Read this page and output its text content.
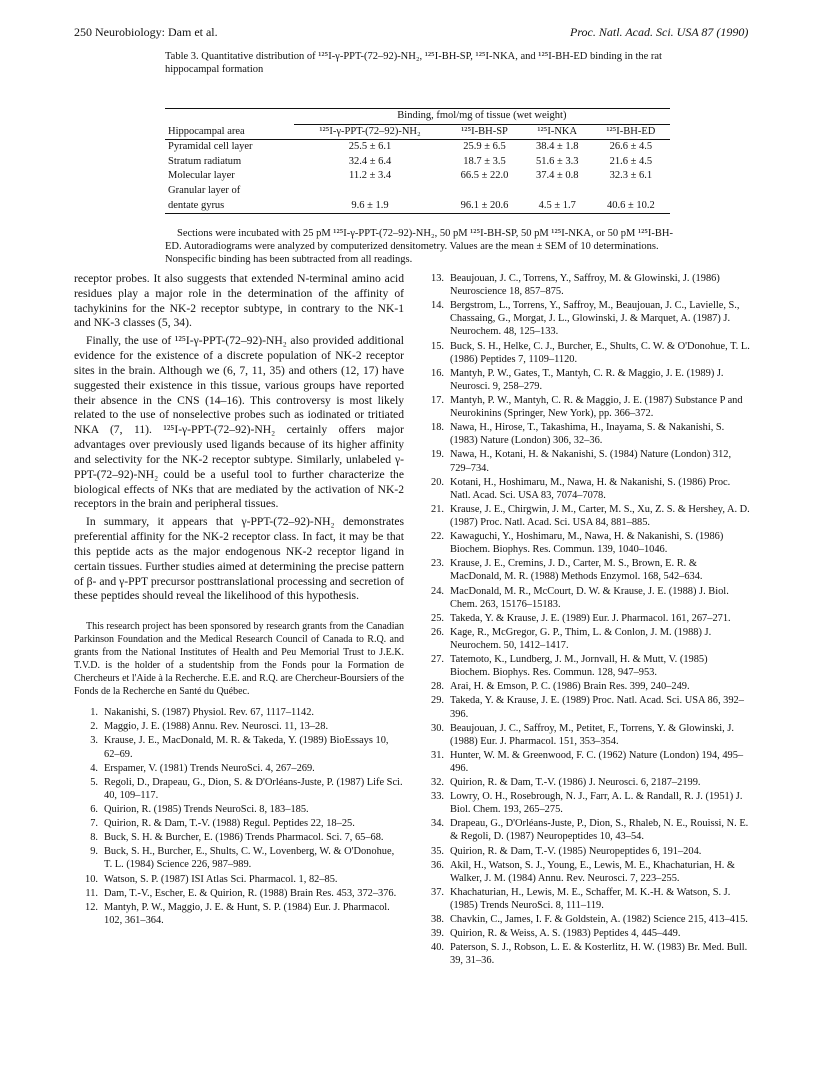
250 Neurobiology: Dam et al.	Proc. Natl. Acad. Sci. USA 87 (1990)
Table 3. Quantitative distribution of ¹²⁵I-γ-PPT-(72–92)-NH₂, ¹²⁵I-BH-SP, ¹²⁵I-NKA, and ¹²⁵I-BH-ED binding in the rat hippocampal formation
Hippocampal area	Binding, fmol/mg of tissue (wet weight)			
	¹²⁵I-γ-PPT-(72–92)-NH₂	¹²⁵I-BH-SP	¹²⁵I-NKA	¹²⁵I-BH-ED
Pyramidal cell layer	25.5 ± 6.1	25.9 ± 6.5	38.4 ± 1.8	26.6 ± 4.5
Stratum radiatum	32.4 ± 6.4	18.7 ± 3.5	51.6 ± 3.3	21.6 ± 4.5
Molecular layer	11.2 ± 3.4	66.5 ± 22.0	37.4 ± 0.8	32.3 ± 6.1
Granular layer of				
dentate gyrus	9.6 ± 1.9	96.1 ± 20.6	4.5 ± 1.7	40.6 ± 10.2
Sections were incubated with 25 pM ¹²⁵I-γ-PPT-(72–92)-NH₂, 50 pM ¹²⁵I-BH-SP, 50 pM ¹²⁵I-NKA, or 50 pM ¹²⁵I-BH-ED. Autoradiograms were analyzed by computerized densitometry. Values are the mean ± SEM of 10 determinations. Nonspecific binding has been subtracted from all readings.

receptor probes. It also suggests that extended N-terminal amino acid residues play a major role in the determination of the affinity of tachykinins for the NK-2 receptor subtype, in contrary to the NK-1 and NK-3 classes (5, 34).

Finally, the use of ¹²⁵I-γ-PPT-(72–92)-NH₂ also provided additional evidence for the existence of a discrete population of NK-2 receptor sites in the brain. Although we (6, 7, 11, 35) and others (12, 17) have suggested their existence in this tissue, various groups have reported their absence in the CNS (14–16). This controversy is most likely related to the use of nonselective probes such as iodinated or tritiated NKA (7, 11). ¹²⁵I-γ-PPT-(72–92)-NH₂ certainly offers major advantages over previously used ligands because of its higher affinity and selectivity for the NK-2 receptor subtype. Similarly, unlabeled γ-PPT-(72–92)-NH₂ could be a useful tool to further characterize the biological effects of NKs that are mediated by the activation of NK-2 receptors in the brain and peripheral tissues.

In summary, it appears that γ-PPT-(72–92)-NH₂ demonstrates preferential affinity for the NK-2 receptor class. In fact, it may be that this peptide acts as the major endogenous NK-2 receptor ligand in certain tissues. Further studies aimed at determining the precise pattern of β- and γ-PPT precursor posttranslational processing and secretion of these peptides should reveal the likelihood of this hypothesis.

This research project has been sponsored by research grants from the Canadian Parkinson Foundation and the Medical Research Council of Canada to R.Q. and grants from the National Institutes of Health and Peu Memorial Trust to J.E.K. T.V.D. is the holder of a studentship from the Fonds pour la Formation de Chercheurs et l'Aide à la Recherche. E.E. and R.Q. are Chercheur-Boursiers of the Fonds de la Recherche en Santé du Québec.

1. Nakanishi, S. (1987) Physiol. Rev. 67, 1117–1142.
2. Maggio, J. E. (1988) Annu. Rev. Neurosci. 11, 13–28.
3. Krause, J. E., MacDonald, M. R. & Takeda, Y. (1989) BioEssays 10, 62–69.
4. Erspamer, V. (1981) Trends NeuroSci. 4, 267–269.
5. Regoli, D., Drapeau, G., Dion, S. & D'Orléans-Juste, P. (1987) Life Sci. 40, 109–117.
6. Quirion, R. (1985) Trends NeuroSci. 8, 183–185.
7. Quirion, R. & Dam, T.-V. (1988) Regul. Peptides 22, 18–25.
8. Buck, S. H. & Burcher, E. (1986) Trends Pharmacol. Sci. 7, 65–68.
9. Buck, S. H., Burcher, E., Shults, C. W., Lovenberg, W. & O'Donohue, T. L. (1984) Science 226, 987–989.
10. Watson, S. P. (1987) ISI Atlas Sci. Pharmacol. 1, 82–85.
11. Dam, T.-V., Escher, E. & Quirion, R. (1988) Brain Res. 453, 372–376.
12. Mantyh, P. W., Maggio, J. E. & Hunt, S. P. (1984) Eur. J. Pharmacol. 102, 361–364.
13. Beaujouan, J. C., Torrens, Y., Saffroy, M. & Glowinski, J. (1986) Neuroscience 18, 857–875.
14. Bergstrom, L., Torrens, Y., Saffroy, M., Beaujouan, J. C., Lavielle, S., Chassaing, G., Morgat, J. L., Glowinski, J. & Marquet, A. (1987) J. Neurochem. 48, 125–133.
15. Buck, S. H., Helke, C. J., Burcher, E., Shults, C. W. & O'Donohue, T. L. (1986) Peptides 7, 1109–1120.
16. Mantyh, P. W., Gates, T., Mantyh, C. R. & Maggio, J. E. (1989) J. Neurosci. 9, 258–279.
17. Mantyh, P. W., Mantyh, C. R. & Maggio, J. E. (1987) Substance P and Neurokinins (Springer, New York), pp. 366–372.
18. Nawa, H., Hirose, T., Takashima, H., Inayama, S. & Nakanishi, S. (1983) Nature (London) 306, 32–36.
19. Nawa, H., Kotani, H. & Nakanishi, S. (1984) Nature (London) 312, 729–734.
20. Kotani, H., Hoshimaru, M., Nawa, H. & Nakanishi, S. (1986) Proc. Natl. Acad. Sci. USA 83, 7074–7078.
21. Krause, J. E., Chirgwin, J. M., Carter, M. S., Xu, Z. S. & Hershey, A. D. (1987) Proc. Natl. Acad. Sci. USA 84, 881–885.
22. Kawaguchi, Y., Hoshimaru, M., Nawa, H. & Nakanishi, S. (1986) Biochem. Biophys. Res. Commun. 139, 1040–1046.
23. Krause, J. E., Cremins, J. D., Carter, M. S., Brown, E. R. & MacDonald, M. R. (1988) Methods Enzymol. 168, 542–634.
24. MacDonald, M. R., McCourt, D. W. & Krause, J. E. (1988) J. Biol. Chem. 263, 15176–15183.
25. Takeda, Y. & Krause, J. E. (1989) Eur. J. Pharmacol. 161, 267–271.
26. Kage, R., McGregor, G. P., Thim, L. & Conlon, J. M. (1988) J. Neurochem. 50, 1412–1417.
27. Tatemoto, K., Lundberg, J. M., Jornvall, H. & Mutt, V. (1985) Biochem. Biophys. Res. Commun. 128, 947–953.
28. Arai, H. & Emson, P. C. (1986) Brain Res. 399, 240–249.
29. Takeda, Y. & Krause, J. E. (1989) Proc. Natl. Acad. Sci. USA 86, 392–396.
30. Beaujouan, J. C., Saffroy, M., Petitet, F., Torrens, Y. & Glowinski, J. (1988) Eur. J. Pharmacol. 151, 353–354.
31. Hunter, W. M. & Greenwood, F. C. (1962) Nature (London) 194, 495–496.
32. Quirion, R. & Dam, T.-V. (1986) J. Neurosci. 6, 2187–2199.
33. Lowry, O. H., Rosebrough, N. J., Farr, A. L. & Randall, R. J. (1951) J. Biol. Chem. 193, 265–275.
34. Drapeau, G., D'Orléans-Juste, P., Dion, S., Rhaleb, N. E., Rouissi, N. E. & Regoli, D. (1987) Neuropeptides 10, 43–54.
35. Quirion, R. & Dam, T.-V. (1985) Neuropeptides 6, 191–204.
36. Akil, H., Watson, S. J., Young, E., Lewis, M. E., Khachaturian, H. & Walker, J. M. (1984) Annu. Rev. Neurosci. 7, 223–255.
37. Khachaturian, H., Lewis, M. E., Schaffer, M. K.-H. & Watson, S. J. (1985) Trends NeuroSci. 8, 111–119.
38. Chavkin, C., James, I. F. & Goldstein, A. (1982) Science 215, 413–415.
39. Quirion, R. & Weiss, A. S. (1983) Peptides 4, 445–449.
40. Paterson, S. J., Robson, L. E. & Kosterlitz, H. W. (1983) Br. Med. Bull. 39, 31–36.
